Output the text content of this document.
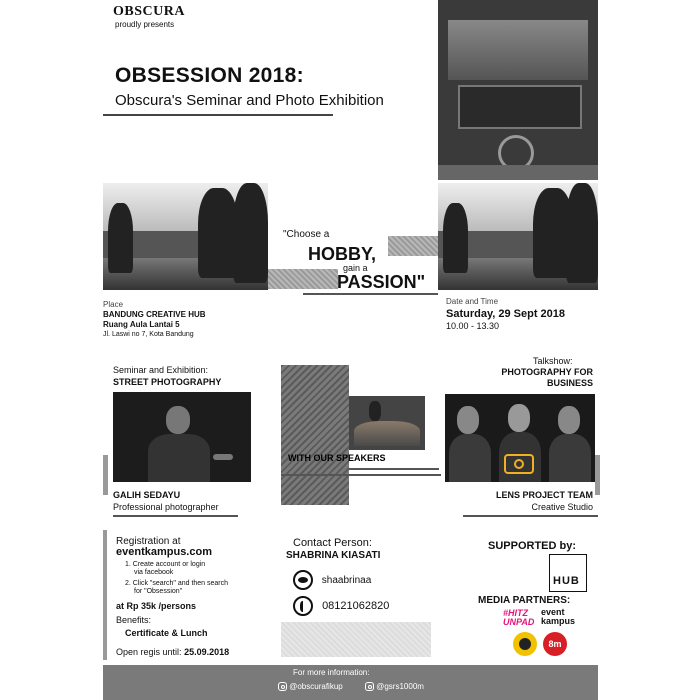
OBSCURA
proudly presents
OBSESSION 2018:
Obscura's Seminar and Photo Exhibition
"Choose a
HOBBY,
gain a
PASSION"
Place
BANDUNG CREATIVE HUB
Ruang Aula Lantai 5
Jl. Laswi no 7, Kota Bandung
Date and Time
Saturday, 29 Sept 2018
10.00 - 13.30
WITH OUR SPEAKERS
Seminar and Exhibition:
STREET PHOTOGRAPHY
GALIH SEDAYU
Professional photographer
Talkshow:
PHOTOGRAPHY FOR
BUSINESS
LENS PROJECT TEAM
Creative Studio
Registration at
eventkampus.com
1. Create account or login
via facebook
2. Click "search" and then search
for "Obsession"
at Rp 35k /persons
Benefits:
Certificate & Lunch
Open regis until: 25.09.2018
Contact Person:
SHABRINA KIASATI
shaabrinaa
08121062820
SUPPORTED by:
HUB
MEDIA PARTNERS:
#HITZ
UNPAD
event kampus
8m
For more information:
@obscurafikup	@gsrs1000m
